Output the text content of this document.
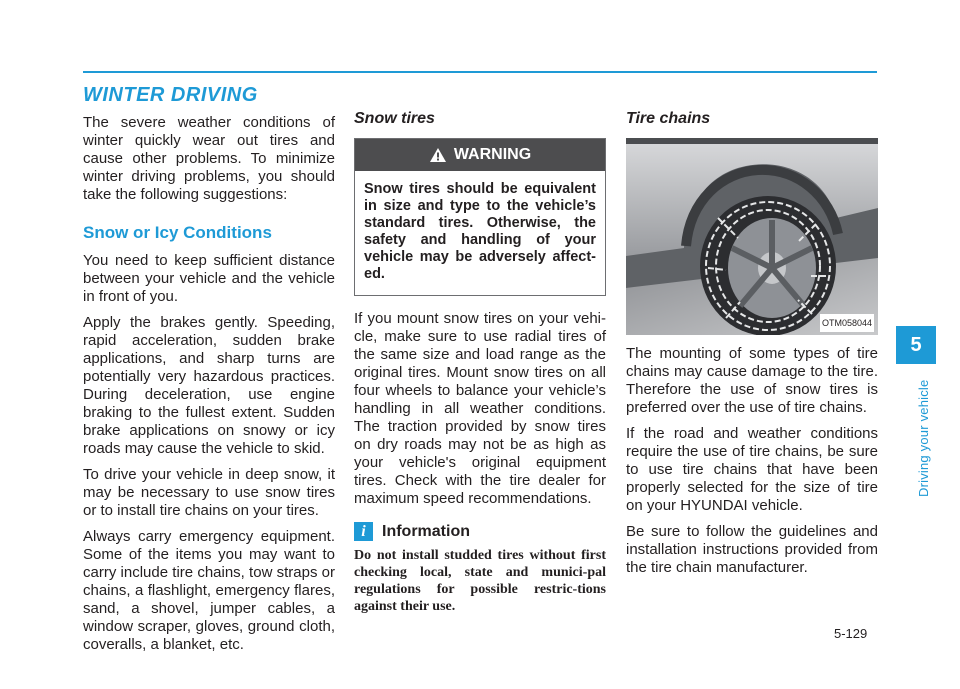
WINTER DRIVING

The severe weather conditions of winter quickly wear out tires and cause other problems. To minimize winter driving problems, you should take the following suggestions:

Snow or Icy Conditions

You need to keep sufficient distance between your vehicle and the vehicle in front of you.

Apply the brakes gently. Speeding, rapid acceleration, sudden brake applications, and sharp turns are potentially very hazardous practices. During deceleration, use engine braking to the fullest extent. Sudden brake applications on snowy or icy roads may cause the vehicle to skid.

To drive your vehicle in deep snow, it may be necessary to use snow tires or to install tire chains on your tires.

Always carry emergency equipment. Some of the items you may want to carry include tire chains, tow straps or chains, a flashlight, emergency flares, sand, a shovel, jumper cables, a window scraper, gloves, ground cloth, coveralls, a blanket, etc.

Snow tires
WARNING
Snow tires should be equivalent in size and type to the vehicle’s standard tires. Otherwise, the safety and handling of your vehicle may be adversely affect-ed.

If you mount snow tires on your vehi-cle, make sure to use radial tires of the same size and load range as the original tires. Mount snow tires on all four wheels to balance your vehicle’s handling in all weather conditions. The traction provided by snow tires on dry roads may not be as high as your vehicle's original equipment tires. Check with the tire dealer for maximum speed recommendations.

i	Information

Do not install studded tires without first checking local, state and munici-pal regulations for possible restric-tions against their use.

Tire chains
OTM058044

The mounting of some types of tire chains may cause damage to the tire. Therefore the use of snow tires is preferred over the use of tire chains.

If the road and weather conditions require the use of tire chains, be sure to use tire chains that have been properly selected for the size of tire on your HYUNDAI vehicle.

Be sure to follow the guidelines and installation instructions provided from the tire chain manufacturer.

5
Driving your vehicle
5-129
